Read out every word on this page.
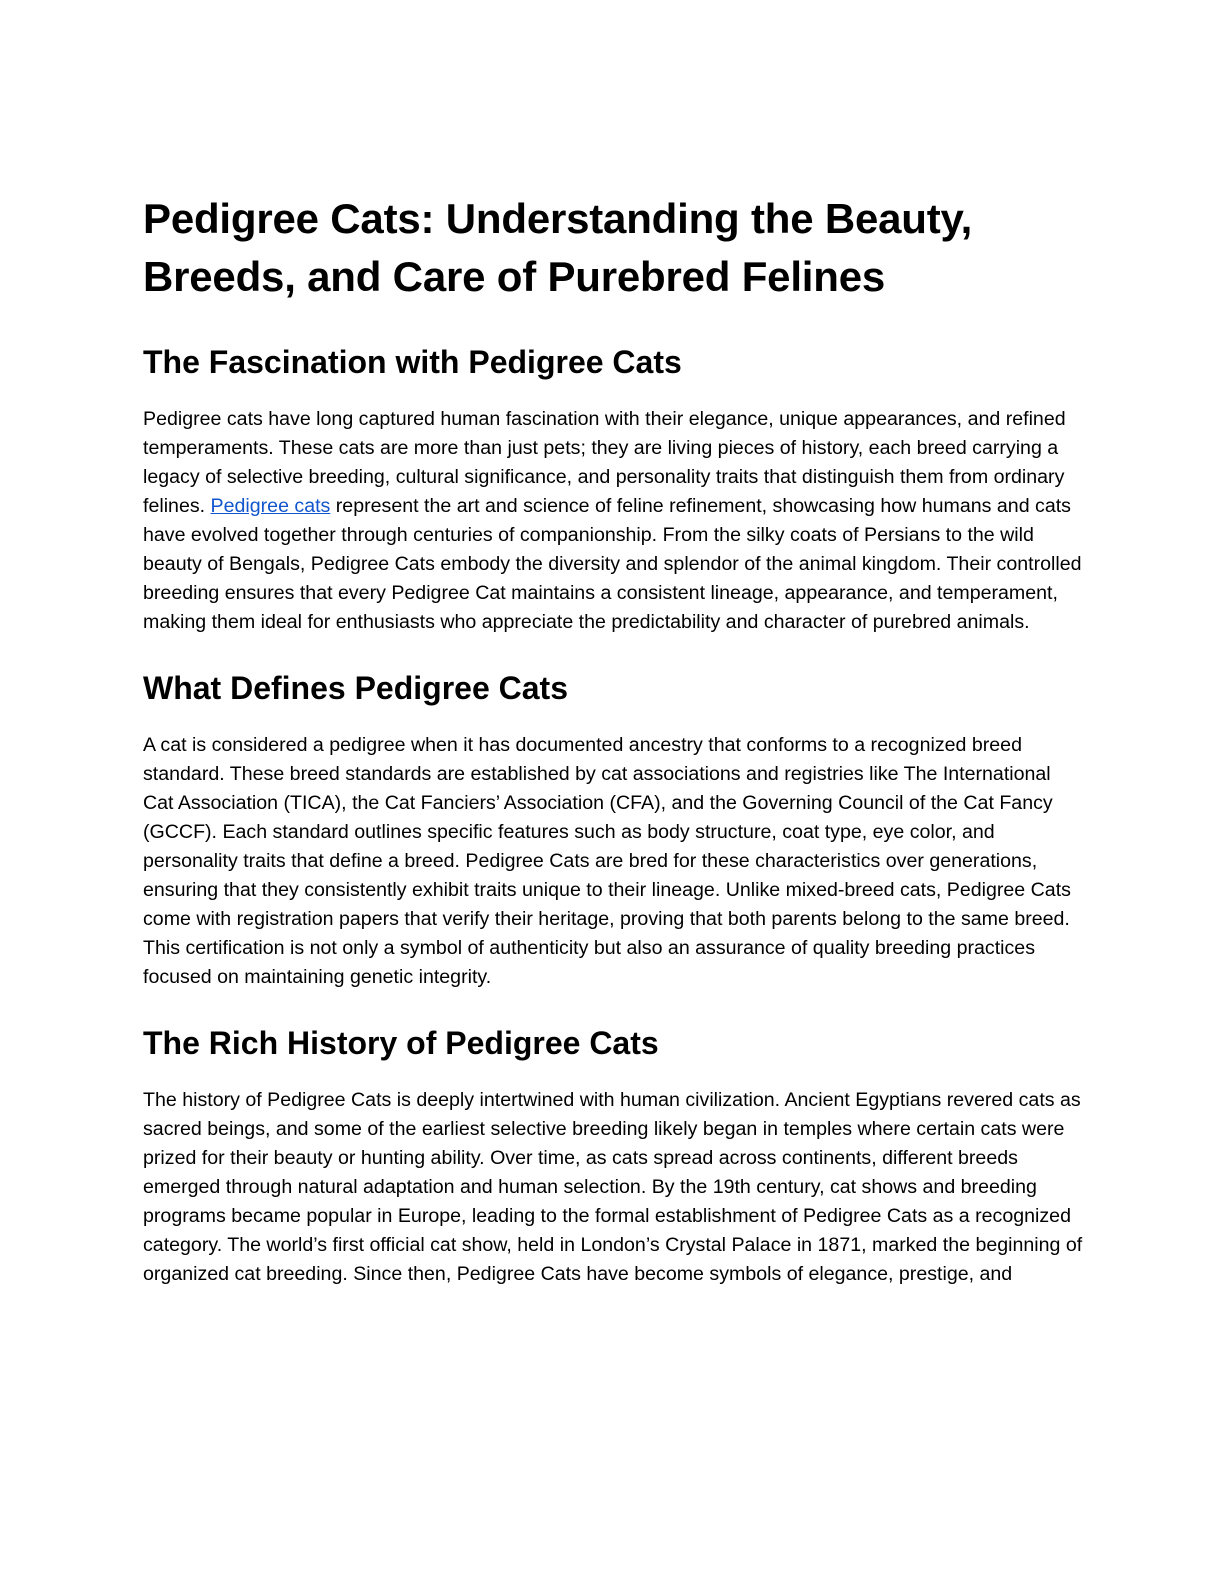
Pedigree Cats: Understanding the Beauty, Breeds, and Care of Purebred Felines
The Fascination with Pedigree Cats

Pedigree cats have long captured human fascination with their elegance, unique appearances, and refined temperaments. These cats are more than just pets; they are living pieces of history, each breed carrying a legacy of selective breeding, cultural significance, and personality traits that distinguish them from ordinary felines. Pedigree cats represent the art and science of feline refinement, showcasing how humans and cats have evolved together through centuries of companionship. From the silky coats of Persians to the wild beauty of Bengals, Pedigree Cats embody the diversity and splendor of the animal kingdom. Their controlled breeding ensures that every Pedigree Cat maintains a consistent lineage, appearance, and temperament, making them ideal for enthusiasts who appreciate the predictability and character of purebred animals.

What Defines Pedigree Cats

A cat is considered a pedigree when it has documented ancestry that conforms to a recognized breed standard. These breed standards are established by cat associations and registries like The International Cat Association (TICA), the Cat Fanciers’ Association (CFA), and the Governing Council of the Cat Fancy (GCCF). Each standard outlines specific features such as body structure, coat type, eye color, and personality traits that define a breed. Pedigree Cats are bred for these characteristics over generations, ensuring that they consistently exhibit traits unique to their lineage. Unlike mixed-breed cats, Pedigree Cats come with registration papers that verify their heritage, proving that both parents belong to the same breed. This certification is not only a symbol of authenticity but also an assurance of quality breeding practices focused on maintaining genetic integrity.

The Rich History of Pedigree Cats

The history of Pedigree Cats is deeply intertwined with human civilization. Ancient Egyptians revered cats as sacred beings, and some of the earliest selective breeding likely began in temples where certain cats were prized for their beauty or hunting ability. Over time, as cats spread across continents, different breeds emerged through natural adaptation and human selection. By the 19th century, cat shows and breeding programs became popular in Europe, leading to the formal establishment of Pedigree Cats as a recognized category. The world’s first official cat show, held in London’s Crystal Palace in 1871, marked the beginning of organized cat breeding. Since then, Pedigree Cats have become symbols of elegance, prestige, and
